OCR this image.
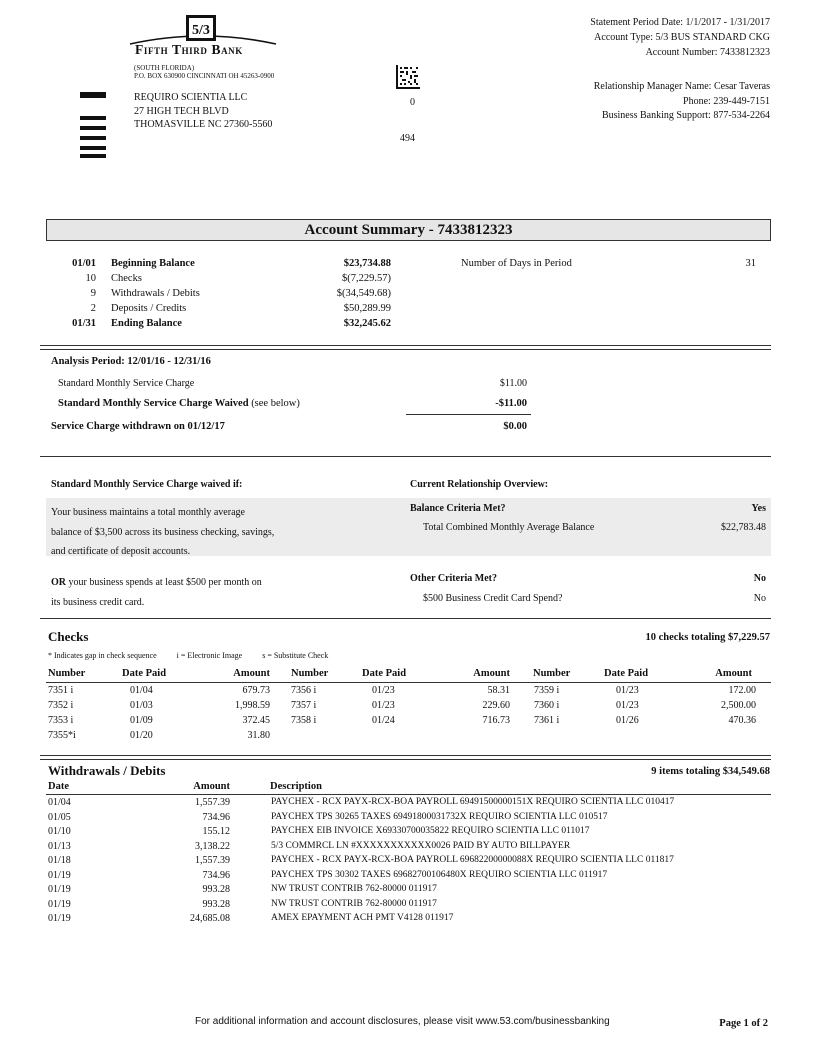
5/3
Fifth Third Bank
(SOUTH FLORIDA)
P.O. BOX 630900 CINCINNATI OH 45263-0900
REQUIRO SCIENTIA LLC
27 HIGH TECH BLVD
THOMASVILLE NC 27360-5560
0
494
Statement Period Date: 1/1/2017 - 1/31/2017
Account Type: 5/3 BUS STANDARD CKG
Account Number: 7433812323
Relationship Manager Name: Cesar Taveras
Phone: 239-449-7151
Business Banking Support: 877-534-2264
Account Summary - 7433812323
01/01 Beginning Balance	$23,734.88
10 Checks	$(7,229.57)
9 Withdrawals / Debits	$(34,549.68)
2 Deposits / Credits	$50,289.99
01/31 Ending Balance	$32,245.62
Number of Days in Period	31
Analysis Period: 12/01/16 - 12/31/16
Standard Monthly Service Charge	$11.00
Standard Monthly Service Charge Waived (see below)	-$11.00
Service Charge withdrawn on 01/12/17	$0.00
Standard Monthly Service Charge waived if:	Current Relationship Overview:
Your business maintains a total monthly average
balance of $3,500 across its business checking, savings,
and certificate of deposit accounts.
Balance Criteria Met?	Yes
Total Combined Monthly Average Balance	$22,783.48
OR your business spends at least $500 per month on
its business credit card.
Other Criteria Met?	No
$500 Business Credit Card Spend?	No
Checks	10 checks totaling $7,229.57
* Indicates gap in check sequence	i = Electronic Image	s = Substitute Check
Number	Date Paid	Amount Number	Date Paid	Amount Number	Date Paid	Amount
7351 i	01/04	679.73
7352 i	01/03	1,998.59
7353 i	01/09	372.45
7355*i	01/20	31.80
7356 i	01/23	58.31
7357 i	01/23	229.60
7358 i	01/24	716.73
7359 i	01/23	172.00
7360 i	01/23	2,500.00
7361 i	01/26	470.36
Withdrawals / Debits	9 items totaling $34,549.68
Date	Amount	Description
01/04	1,557.39	PAYCHEX - RCX PAYX-RCX-BOA PAYROLL 69491500000151X REQUIRO SCIENTIA LLC 010417
01/05	734.96	PAYCHEX TPS 30265 TAXES 69491800031732X REQUIRO SCIENTIA LLC 010517
01/10	155.12	PAYCHEX EIB INVOICE X69330700035822 REQUIRO SCIENTIA LLC 011017
01/13	3,138.22	5/3 COMMRCL LN #XXXXXXXXXXX0026 PAID BY AUTO BILLPAYER
01/18	1,557.39	PAYCHEX - RCX PAYX-RCX-BOA PAYROLL 69682200000088X REQUIRO SCIENTIA LLC 011817
01/19	734.96	PAYCHEX TPS 30302 TAXES 69682700106480X REQUIRO SCIENTIA LLC 011917
01/19	993.28	NW TRUST CONTRIB 762-80000 011917
01/19	993.28	NW TRUST CONTRIB 762-80000 011917
01/19	24,685.08	AMEX EPAYMENT ACH PMT V4128 011917
For additional information and account disclosures, please visit www.53.com/businessbanking	Page 1 of 2
